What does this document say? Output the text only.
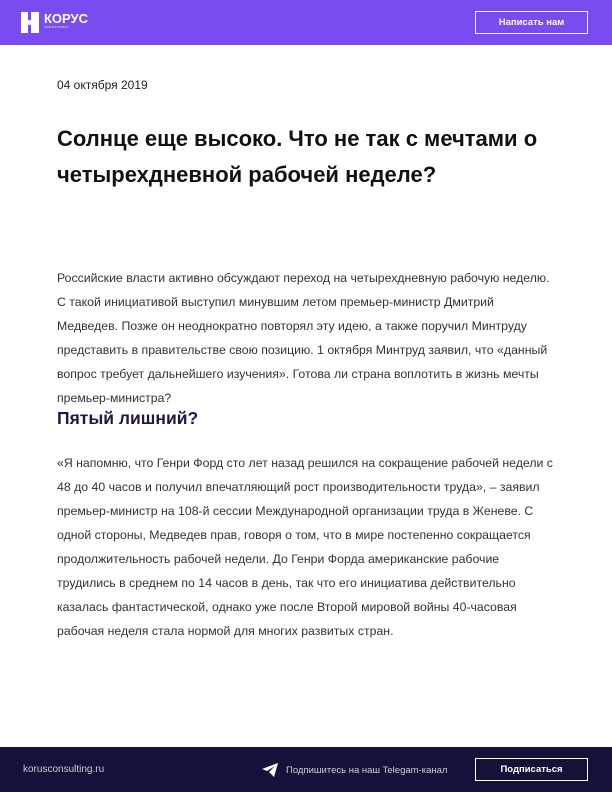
КОРУС
КОНСАЛТИНГ	Написать нам
04 октября 2019
Солнце еще высоко. Что не так с мечтами о четырехдневной рабочей неделе?

Российские власти активно обсуждают переход на четырехдневную рабочую неделю. С такой инициативой выступил минувшим летом премьер-министр Дмитрий Медведев. Позже он неоднократно повторял эту идею, а также поручил Минтруду представить в правительстве свою позицию. 1 октября Минтруд заявил, что «данный вопрос требует дальнейшего изучения». Готова ли страна воплотить в жизнь мечты премьер-министра?

Пятый лишний?

«Я напомню, что Генри Форд сто лет назад решился на сокращение рабочей недели с 48 до 40 часов и получил впечатляющий рост производительности труда», – заявил премьер-министр на 108-й сессии Международной организации труда в Женеве. С одной стороны, Медведев прав, говоря о том, что в мире постепенно сокращается продолжительность рабочей недели. До Генри Форда американские рабочие трудились в среднем по 14 часов в день, так что его инициатива действительно казалась фантастической, однако уже после Второй мировой войны 40-часовая рабочая неделя стала нормой для многих развитых стран.

korusconsulting.ru	Подпишитесь на наш Telegam-канал	Подписаться
